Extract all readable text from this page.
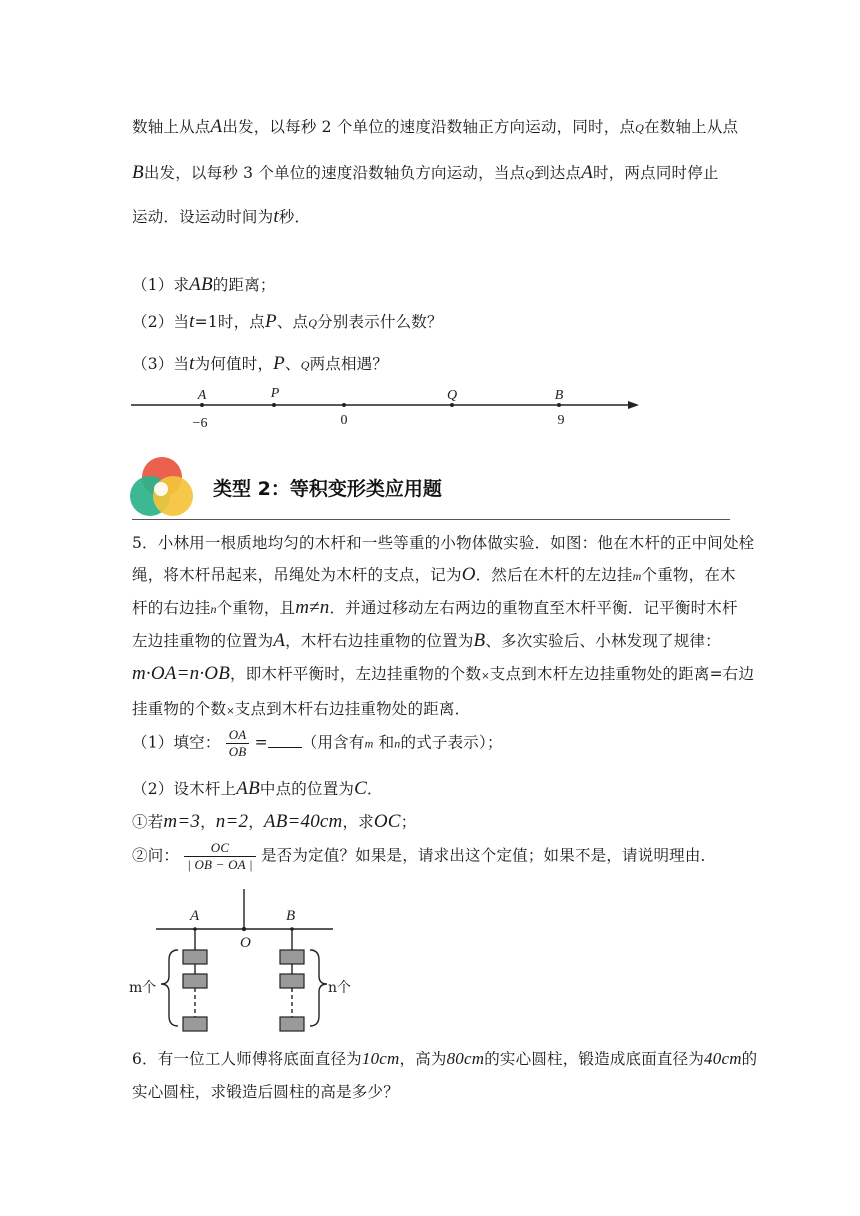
数轴上从点A出发，以每秒 2 个单位的速度沿数轴正方向运动，同时，点Q在数轴上从点
B出发，以每秒 3 个单位的速度沿数轴负方向运动，当点Q到达点A时，两点同时停止
运动．设运动时间为t秒．
（1）求AB的距离；
（2）当t=1时，点P、点Q分别表示什么数？
（3）当t为何值时，P、Q两点相遇？
A
−6
P
0
Q	B
9
类型 2：等积变形类应用题
5．小林用一根质地均匀的木杆和一些等重的小物体做实验．如图：他在木杆的正中间处栓
绳，将木杆吊起来，吊绳处为木杆的支点，记为O．然后在木杆的左边挂m个重物，在木
杆的右边挂n个重物，且m≠n．并通过移动左右两边的重物直至木杆平衡．记平衡时木杆
左边挂重物的位置为A，木杆右边挂重物的位置为B、多次实验后、小林发现了规律：
m·OA=n·OB，即木杆平衡时，左边挂重物的个数×支点到木杆左边挂重物处的距离=右边
挂重物的个数×支点到木杆右边挂重物处的距离．
（1）填空： $\frac{OA}{OB}$ = （用含有m 和n的式子表示）；
（2）设木杆上AB中点的位置为C．
①若m=3，n=2，AB=40cm，求OC；
②问： $\frac{OC}{| OB - OA |}$ 是否为定值？如果是，请求出这个定值；如果不是，请说明理由．
A
O
B
m个	n个
6．有一位工人师傅将底面直径为10cm，高为80cm的实心圆柱，锻造成底面直径为40cm的
实心圆柱，求锻造后圆柱的高是多少？
